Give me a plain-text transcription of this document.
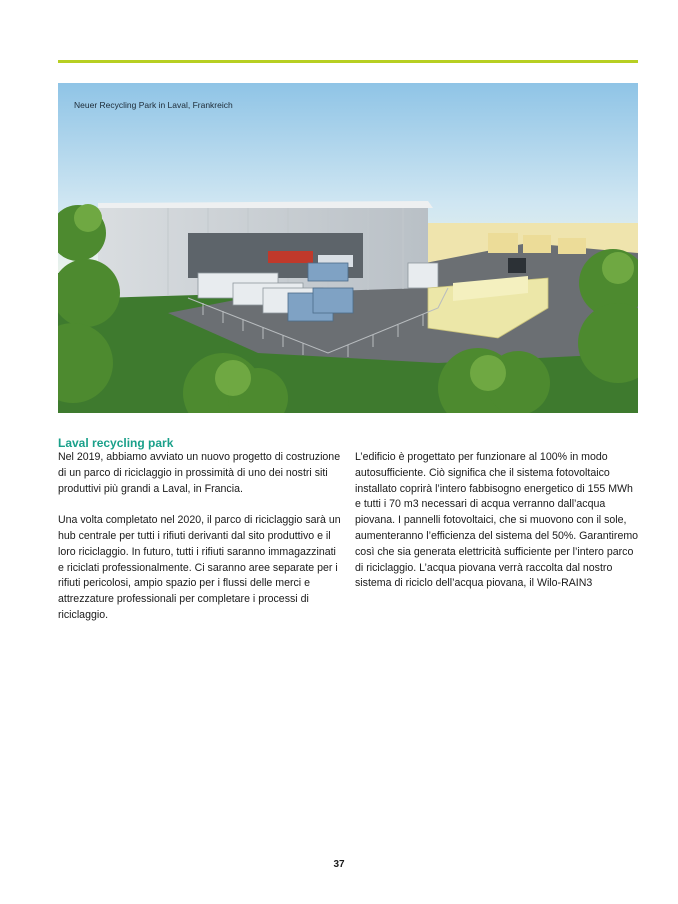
Neuer Recycling Park in Laval, Frankreich
Laval recycling park

Nel 2019, abbiamo avviato un nuovo progetto di costruzione di un parco di riciclaggio in prossimità di uno dei nostri siti produttivi più grandi a Laval, in Francia.

Una volta completato nel 2020, il parco di riciclaggio sarà un hub centrale per tutti i rifiuti derivanti dal sito produttivo e il loro riciclaggio. In futuro, tutti i rifiuti saranno immagazzinati e riciclati professionalmente. Ci saranno aree separate per i rifiuti pericolosi, ampio spazio per i flussi delle merci e attrezzature professionali per completare i processi di riciclaggio.

L’edificio è progettato per funzionare al 100% in modo autosufficiente. Ciò significa che il sistema fotovoltaico installato coprirà l’intero fabbisogno energetico di 155 MWh e tutti i 70 m3 necessari di acqua verranno dall’acqua piovana. I pannelli fotovoltaici, che si muovono con il sole, aumenteranno l’efficienza del sistema del 50%. Garantiremo così che sia generata elettricità sufficiente per l’intero parco di riciclaggio. L’acqua piovana verrà raccolta dal nostro sistema di riciclo dell’acqua piovana, il Wilo-RAIN3

37
